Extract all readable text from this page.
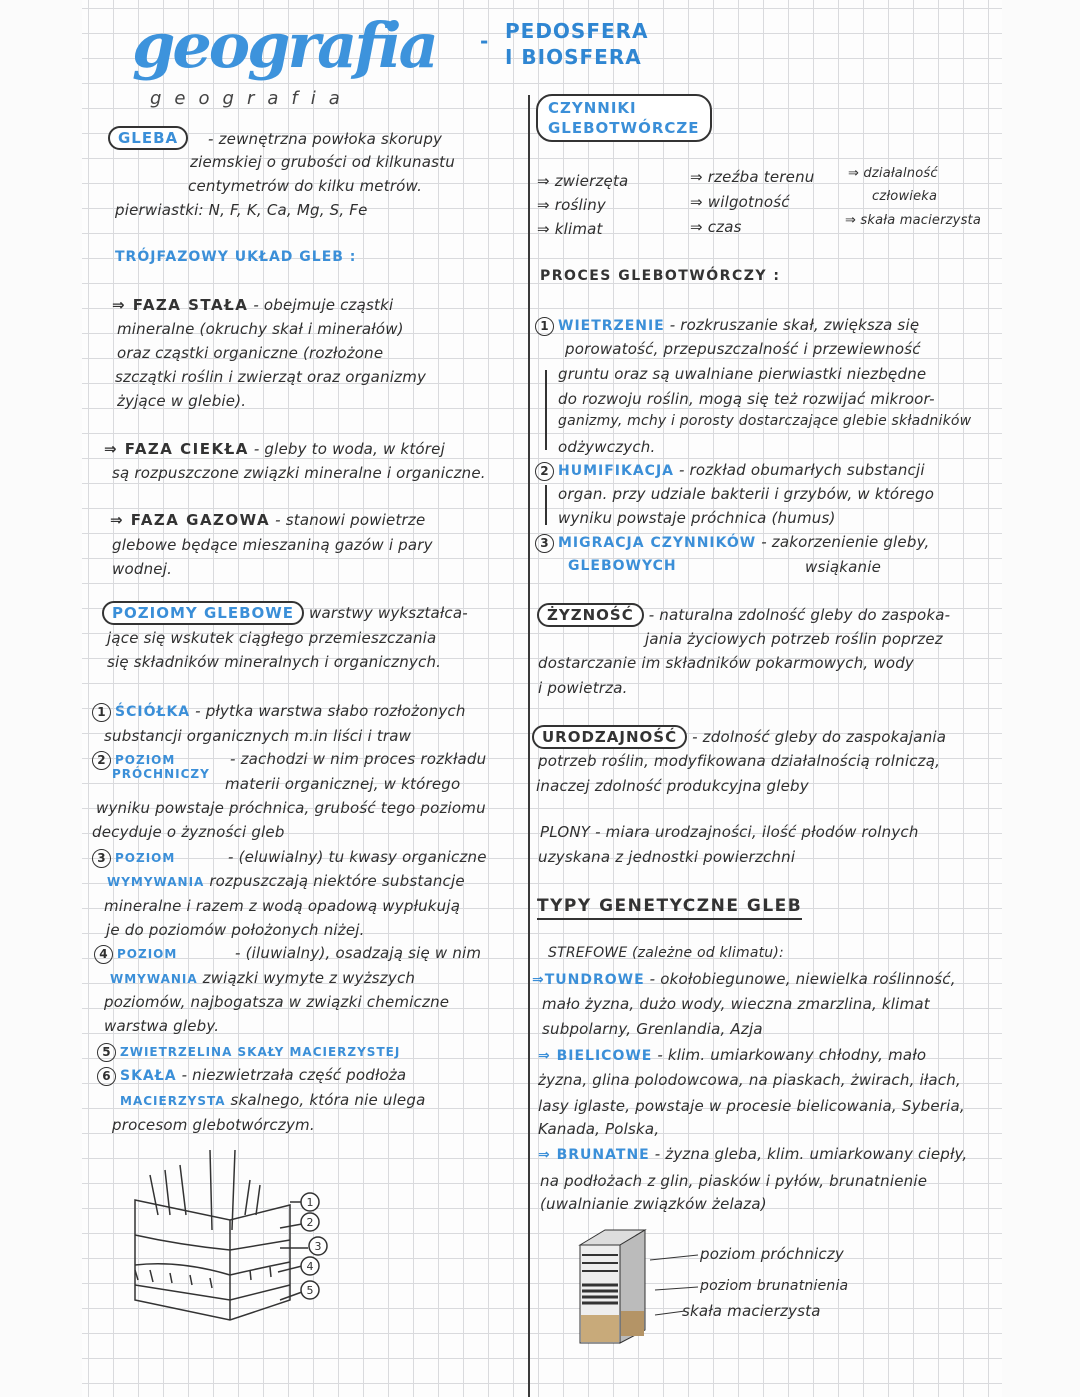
geografia
geografia
- PEDOSFERA
I BIOSFERA
GLEBA	- zewnętrzna powłoka skorupy
ziemskiej o grubości od kilkunastu
centymetrów do kilku metrów.
pierwiastki: N, F, K, Ca, Mg, S, Fe
TRÓJFAZOWY UKŁAD GLEB :
⇒ FAZA STAŁA - obejmuje cząstki
mineralne (okruchy skał i minerałów)
oraz cząstki organiczne (rozłożone
szczątki roślin i zwierząt oraz organizmy
żyjące w glebie).
⇒ FAZA CIEKŁA - gleby to woda, w której
są rozpuszczone związki mineralne i organiczne.
⇒ FAZA GAZOWA - stanowi powietrze
glebowe będące mieszaniną gazów i pary
wodnej.
POZIOMY GLEBOWE warstwy wykształca-
jące się wskutek ciągłego przemieszczania
się składników mineralnych i organicznych.
1 ŚCIÓŁKA - płytka warstwa słabo rozłożonych
substancji organicznych m.in liści i traw
2 POZIOM	- zachodzi w nim proces rozkładu
PRÓCHNICZY
materii organicznej, w którego
wyniku powstaje próchnica, grubość tego poziomu
decyduje o żyzności gleb
3 POZIOM	- (eluwialny) tu kwasy organiczne
WYMYWANIA rozpuszczają niektóre substancje
mineralne i razem z wodą opadową wypłukują
je do poziomów położonych niżej.
4 POZIOM	- (iluwialny), osadzają się w nim
WMYWANIA związki wymyte z wyższych
poziomów, najbogatsza w związki chemiczne
warstwa gleby.
5 ZWIETRZELINA SKAŁY MACIERZYSTEJ
6 SKAŁA - niezwietrzała część podłoża
MACIERZYSTA skalnego, która nie ulega
procesom glebotwórczym.
1
2
3
4
5
CZYNNIKI
GLEBOTWÓRCZE
⇒ zwierzęta
⇒ rośliny
⇒ klimat
⇒ rzeźba terenu
⇒ wilgotność
⇒ czas
⇒ działalność
człowieka
⇒ skała macierzysta
PROCES GLEBOTWÓRCZY :
1 WIETRZENIE - rozkruszanie skał, zwiększa się
porowatość, przepuszczalność i przewiewność
gruntu oraz są uwalniane pierwiastki niezbędne
do rozwoju roślin, mogą się też rozwijać mikroor-
ganizmy, mchy i porosty dostarczające glebie składników
odżywczych.
2 HUMIFIKACJA - rozkład obumarłych substancji
organ. przy udziale bakterii i grzybów, w którego
wyniku powstaje próchnica (humus)
3 MIGRACJA CZYNNIKÓW - zakorzenienie gleby,
GLEBOWYCH	wsiąkanie
ŻYZNOŚĆ - naturalna zdolność gleby do zaspoka-
jania życiowych potrzeb roślin poprzez
dostarczanie im składników pokarmowych, wody
i powietrza.
URODZAJNOŚĆ - zdolność gleby do zaspokajania
potrzeb roślin, modyfikowana działalnością rolniczą,
inaczej zdolność produkcyjna gleby
PLONY - miara urodzajności, ilość płodów rolnych
uzyskana z jednostki powierzchni
TYPY GENETYCZNE GLEB
STREFOWE (zależne od klimatu):
⇒TUNDROWE - okołobiegunowe, niewielka roślinność,
mało żyzna, dużo wody, wieczna zmarzlina, klimat
subpolarny, Grenlandia, Azja
⇒ BIELICOWE - klim. umiarkowany chłodny, mało
żyzna, glina polodowcowa, na piaskach, żwirach, iłach,
lasy iglaste, powstaje w procesie bielicowania, Syberia,
Kanada, Polska,
⇒ BRUNATNE - żyzna gleba, klim. umiarkowany ciepły,
na podłożach z glin, piasków i pyłów, brunatnienie
(uwalnianie związków żelaza)
poziom próchniczy
poziom brunatnienia
skała macierzysta
